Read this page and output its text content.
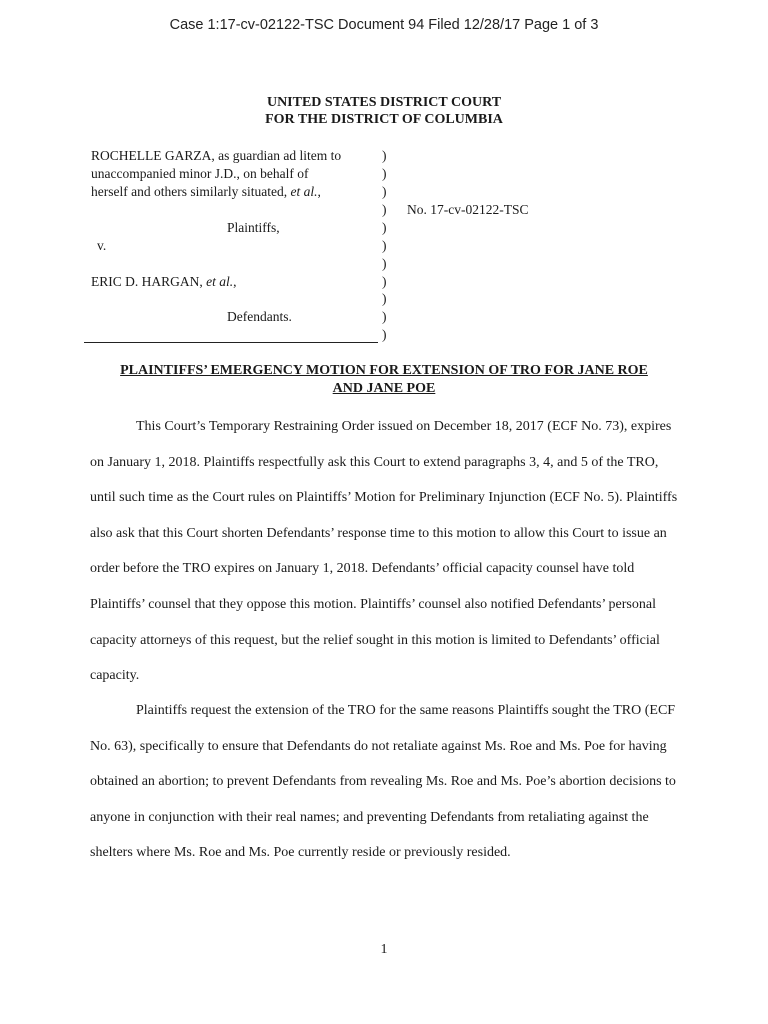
Case 1:17-cv-02122-TSC Document 94 Filed 12/28/17 Page 1 of 3
UNITED STATES DISTRICT COURT
FOR THE DISTRICT OF COLUMBIA
ROCHELLE GARZA, as guardian ad litem to
unaccompanied minor J.D., on behalf of
herself and others similarly situated, et al.,
Plaintiffs,
v.
ERIC D. HARGAN, et al.,
Defendants.
)
)
)
)
)
)
)
)
)
)
)
No. 17-cv-02122-TSC
PLAINTIFFS’ EMERGENCY MOTION FOR EXTENSION OF TRO FOR JANE ROE
AND JANE POE

This Court’s Temporary Restraining Order issued on December 18, 2017 (ECF No. 73), expires on January 1, 2018. Plaintiffs respectfully ask this Court to extend paragraphs 3, 4, and 5 of the TRO, until such time as the Court rules on Plaintiffs’ Motion for Preliminary Injunction (ECF No. 5). Plaintiffs also ask that this Court shorten Defendants’ response time to this motion to allow this Court to issue an order before the TRO expires on January 1, 2018. Defendants’ official capacity counsel have told Plaintiffs’ counsel that they oppose this motion. Plaintiffs’ counsel also notified Defendants’ personal capacity attorneys of this request, but the relief sought in this motion is limited to Defendants’ official capacity.

Plaintiffs request the extension of the TRO for the same reasons Plaintiffs sought the TRO (ECF No. 63), specifically to ensure that Defendants do not retaliate against Ms. Roe and Ms. Poe for having obtained an abortion; to prevent Defendants from revealing Ms. Roe and Ms. Poe’s abortion decisions to anyone in conjunction with their real names; and preventing Defendants from retaliating against the shelters where Ms. Roe and Ms. Poe currently reside or previously resided.

1
